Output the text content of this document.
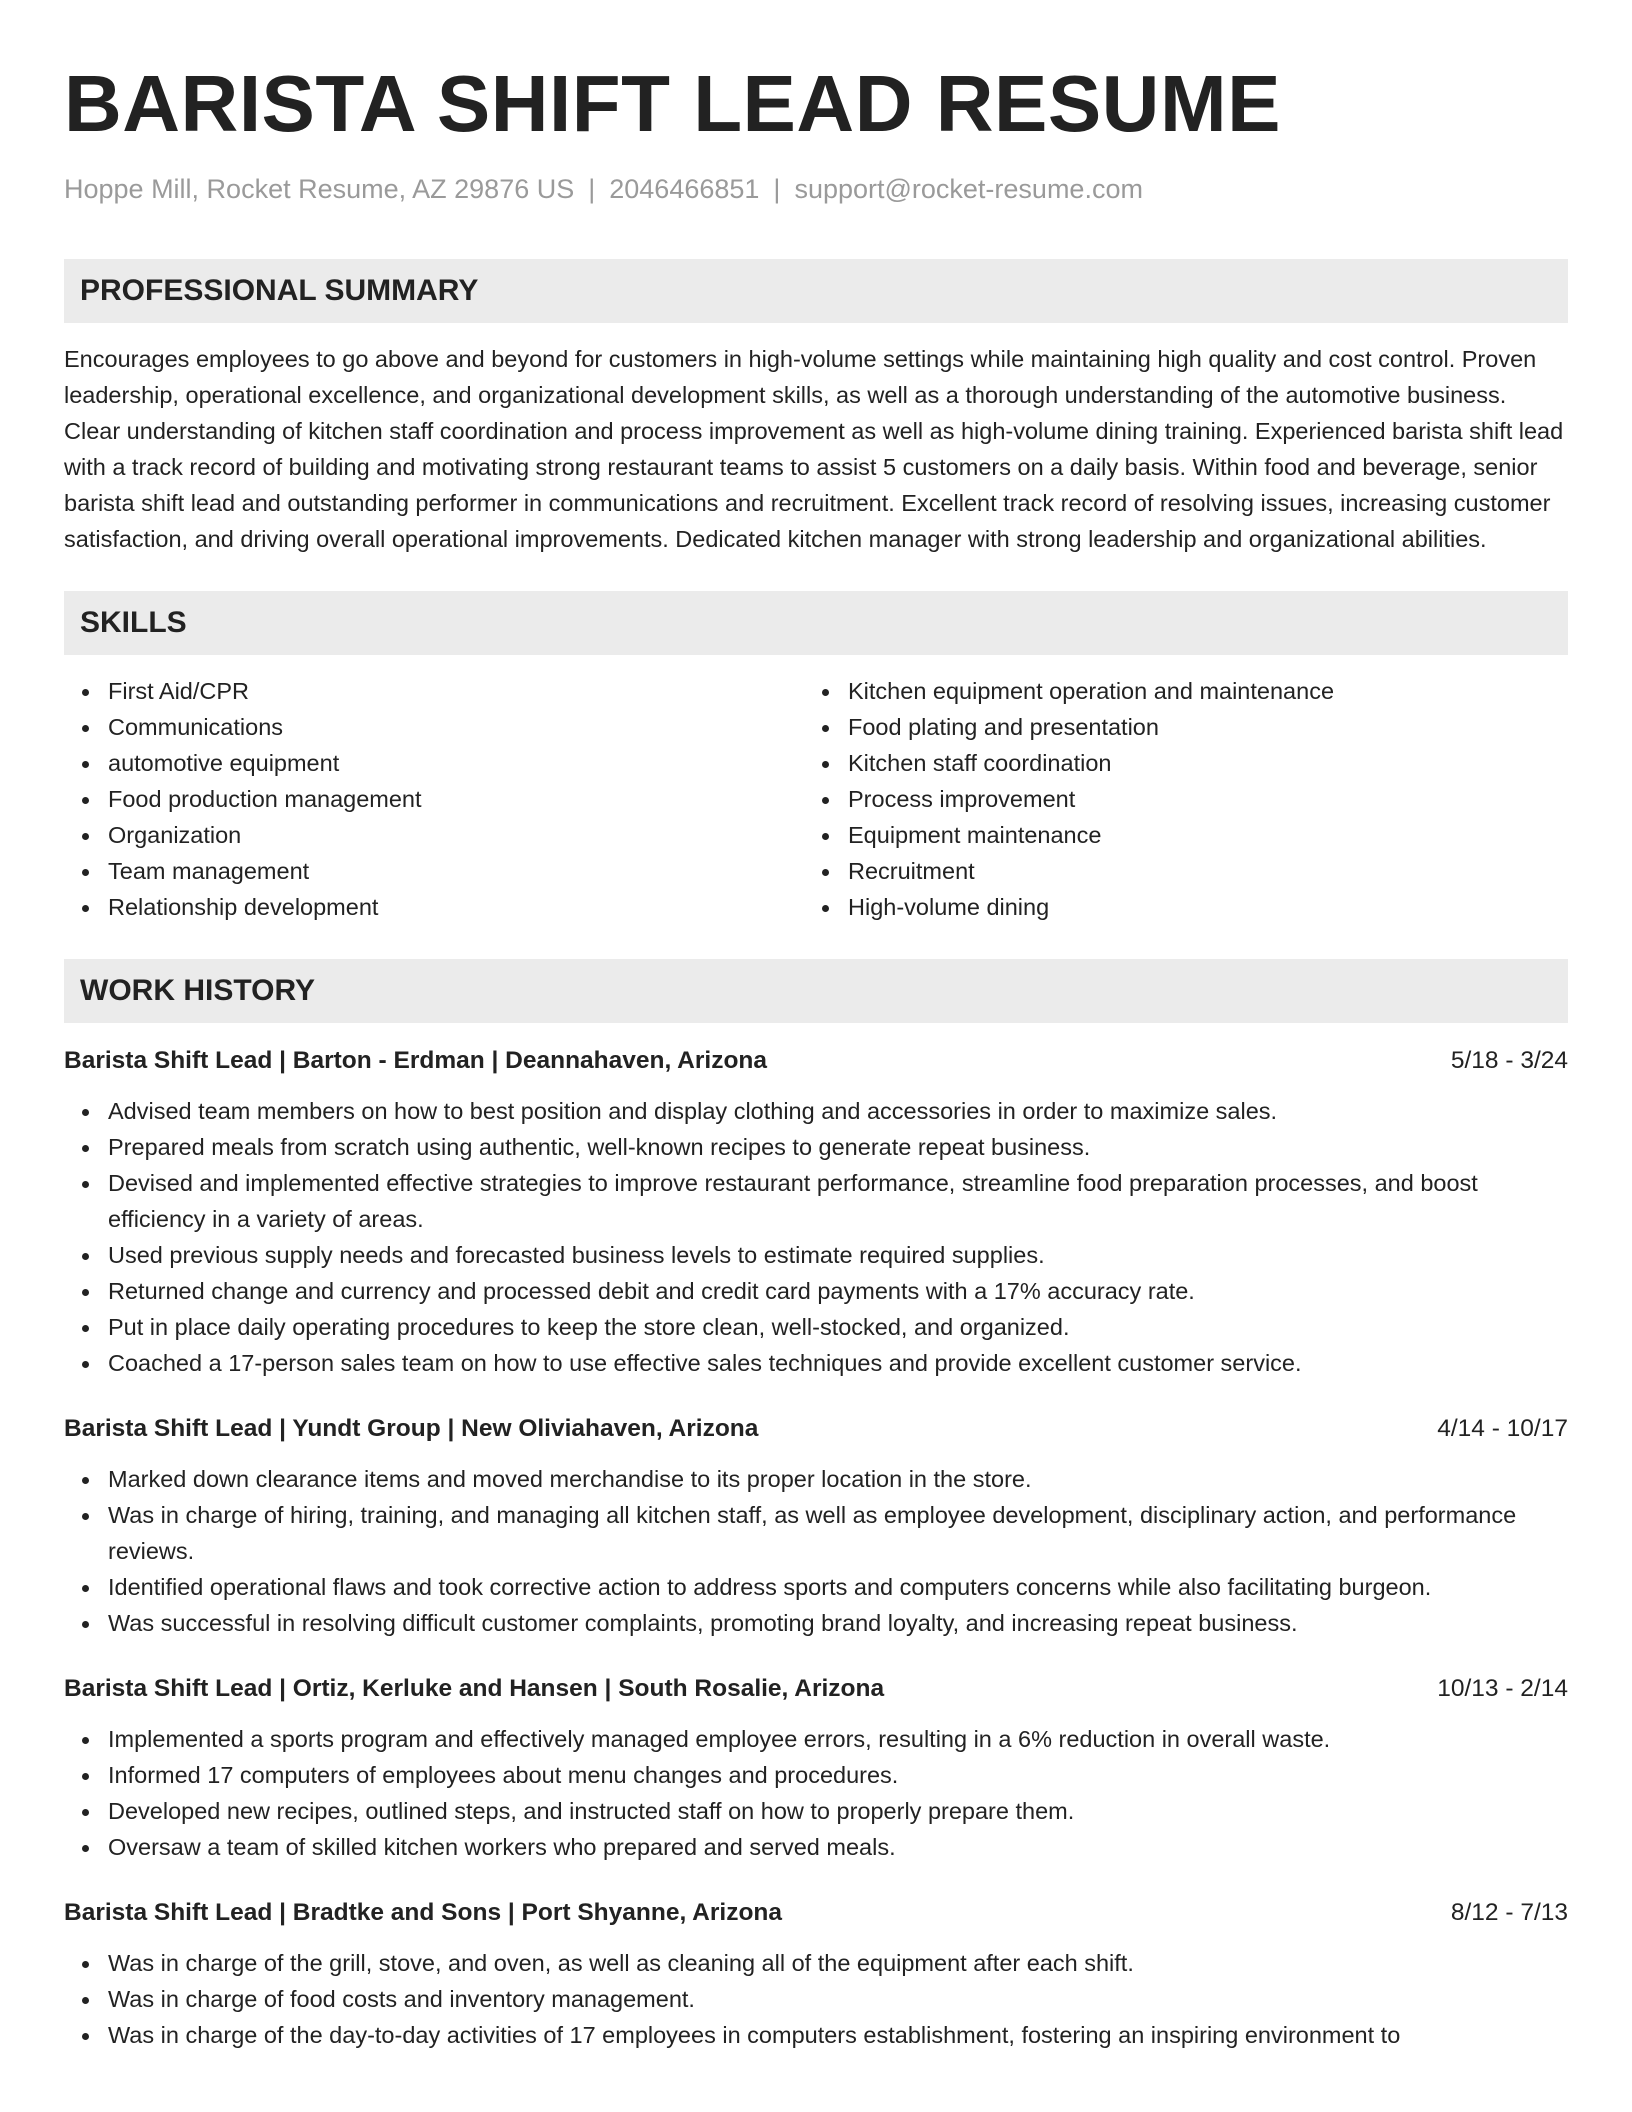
BARISTA SHIFT LEAD RESUME
Hoppe Mill, Rocket Resume, AZ 29876 US | 2046466851 | support@rocket-resume.com
PROFESSIONAL SUMMARY
Encourages employees to go above and beyond for customers in high-volume settings while maintaining high quality and cost control. Proven leadership, operational excellence, and organizational development skills, as well as a thorough understanding of the automotive business. Clear understanding of kitchen staff coordination and process improvement as well as high-volume dining training. Experienced barista shift lead with a track record of building and motivating strong restaurant teams to assist 5 customers on a daily basis. Within food and beverage, senior barista shift lead and outstanding performer in communications and recruitment. Excellent track record of resolving issues, increasing customer satisfaction, and driving overall operational improvements. Dedicated kitchen manager with strong leadership and organizational abilities.
SKILLS
First Aid/CPR
Communications
automotive equipment
Food production management
Organization
Team management
Relationship development
Kitchen equipment operation and maintenance
Food plating and presentation
Kitchen staff coordination
Process improvement
Equipment maintenance
Recruitment
High-volume dining
WORK HISTORY
Barista Shift Lead | Barton - Erdman | Deannahaven, Arizona	5/18 - 3/24
Advised team members on how to best position and display clothing and accessories in order to maximize sales.
Prepared meals from scratch using authentic, well-known recipes to generate repeat business.
Devised and implemented effective strategies to improve restaurant performance, streamline food preparation processes, and boost efficiency in a variety of areas.
Used previous supply needs and forecasted business levels to estimate required supplies.
Returned change and currency and processed debit and credit card payments with a 17% accuracy rate.
Put in place daily operating procedures to keep the store clean, well-stocked, and organized.
Coached a 17-person sales team on how to use effective sales techniques and provide excellent customer service.
Barista Shift Lead | Yundt Group | New Oliviahaven, Arizona	4/14 - 10/17
Marked down clearance items and moved merchandise to its proper location in the store.
Was in charge of hiring, training, and managing all kitchen staff, as well as employee development, disciplinary action, and performance reviews.
Identified operational flaws and took corrective action to address sports and computers concerns while also facilitating burgeon.
Was successful in resolving difficult customer complaints, promoting brand loyalty, and increasing repeat business.
Barista Shift Lead | Ortiz, Kerluke and Hansen | South Rosalie, Arizona	10/13 - 2/14
Implemented a sports program and effectively managed employee errors, resulting in a 6% reduction in overall waste.
Informed 17 computers of employees about menu changes and procedures.
Developed new recipes, outlined steps, and instructed staff on how to properly prepare them.
Oversaw a team of skilled kitchen workers who prepared and served meals.
Barista Shift Lead | Bradtke and Sons | Port Shyanne, Arizona	8/12 - 7/13
Was in charge of the grill, stove, and oven, as well as cleaning all of the equipment after each shift.
Was in charge of food costs and inventory management.
Was in charge of the day-to-day activities of 17 employees in computers establishment, fostering an inspiring environment to
